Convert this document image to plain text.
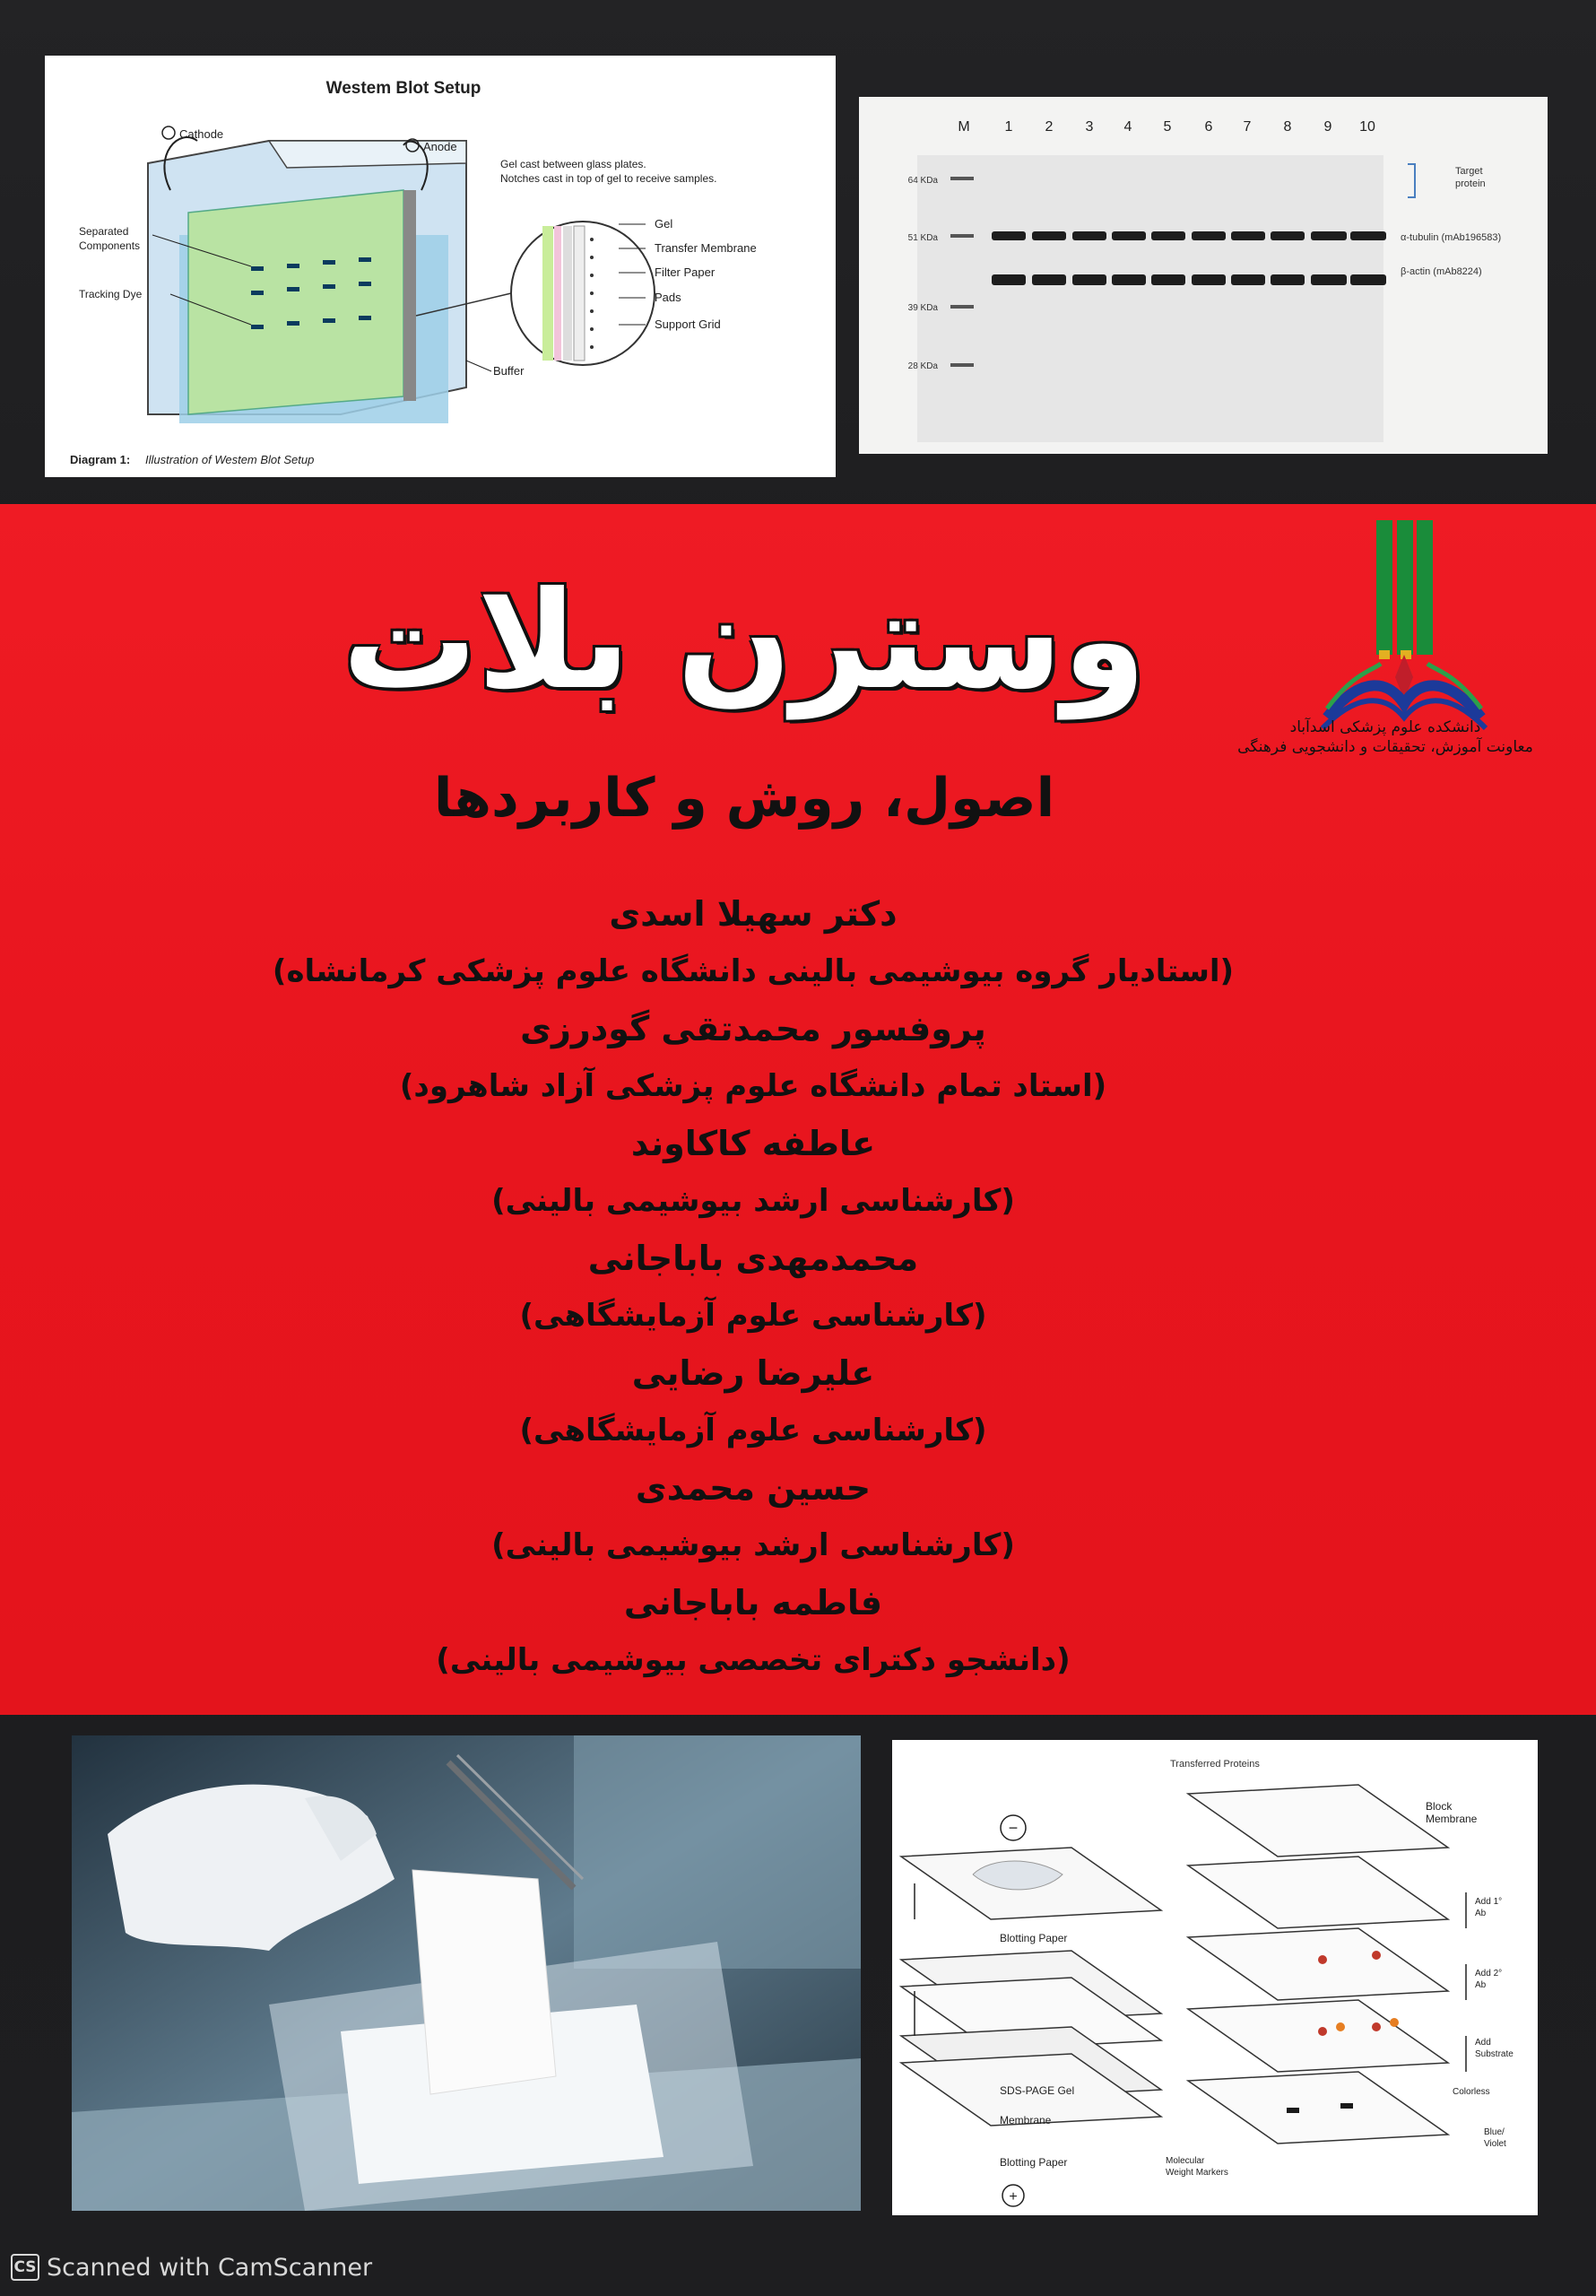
Westem Blot Setup
Cathode
Anode
Separated
Components
Tracking Dye
Buffer
Gel cast between glass plates.
Notches cast in top of gel to receive samples.
Gel
Transfer Membrane
Filter Paper
Pads
Support Grid
Diagram 1: Illustration of Westem Blot Setup
M 1 2 3 4 5 6 7 8 9 10
64 KDa
51 KDa
39 KDa
28 KDa
Target
protein
α-tubulin (mAb196583)
β-actin (mAb8224)
دانشکده علوم پزشکی اسدآباد
معاونت آموزش، تحقیقات و دانشجویی فرهنگی
وسترن بلات
اصول، روش و کاربردها
دکتر سهیلا اسدی
(استادیار گروه بیوشیمی بالینی دانشگاه علوم پزشکی کرمانشاه)
پروفسور محمدتقی گودرزی
(استاد تمام دانشگاه علوم پزشکی آزاد شاهرود)
عاطفه کاکاوند
(کارشناسی ارشد بیوشیمی بالینی)
محمدمهدی باباجانی
(کارشناسی علوم آزمایشگاهی)
علیرضا رضایی
(کارشناسی علوم آزمایشگاهی)
حسین محمدی
(کارشناسی ارشد بیوشیمی بالینی)
فاطمه باباجانی
(دانشجو دکترای تخصصی بیوشیمی بالینی)
Transferred Proteins
Block
Membrane
−
Blotting Paper
SDS-PAGE Gel
Membrane
Blotting Paper
+
Add 1°
Ab
Add 2°
Ab
Add
Substrate
Colorless
Blue/
Violet
Molecular
Weight Markers
CS Scanned with CamScanner
